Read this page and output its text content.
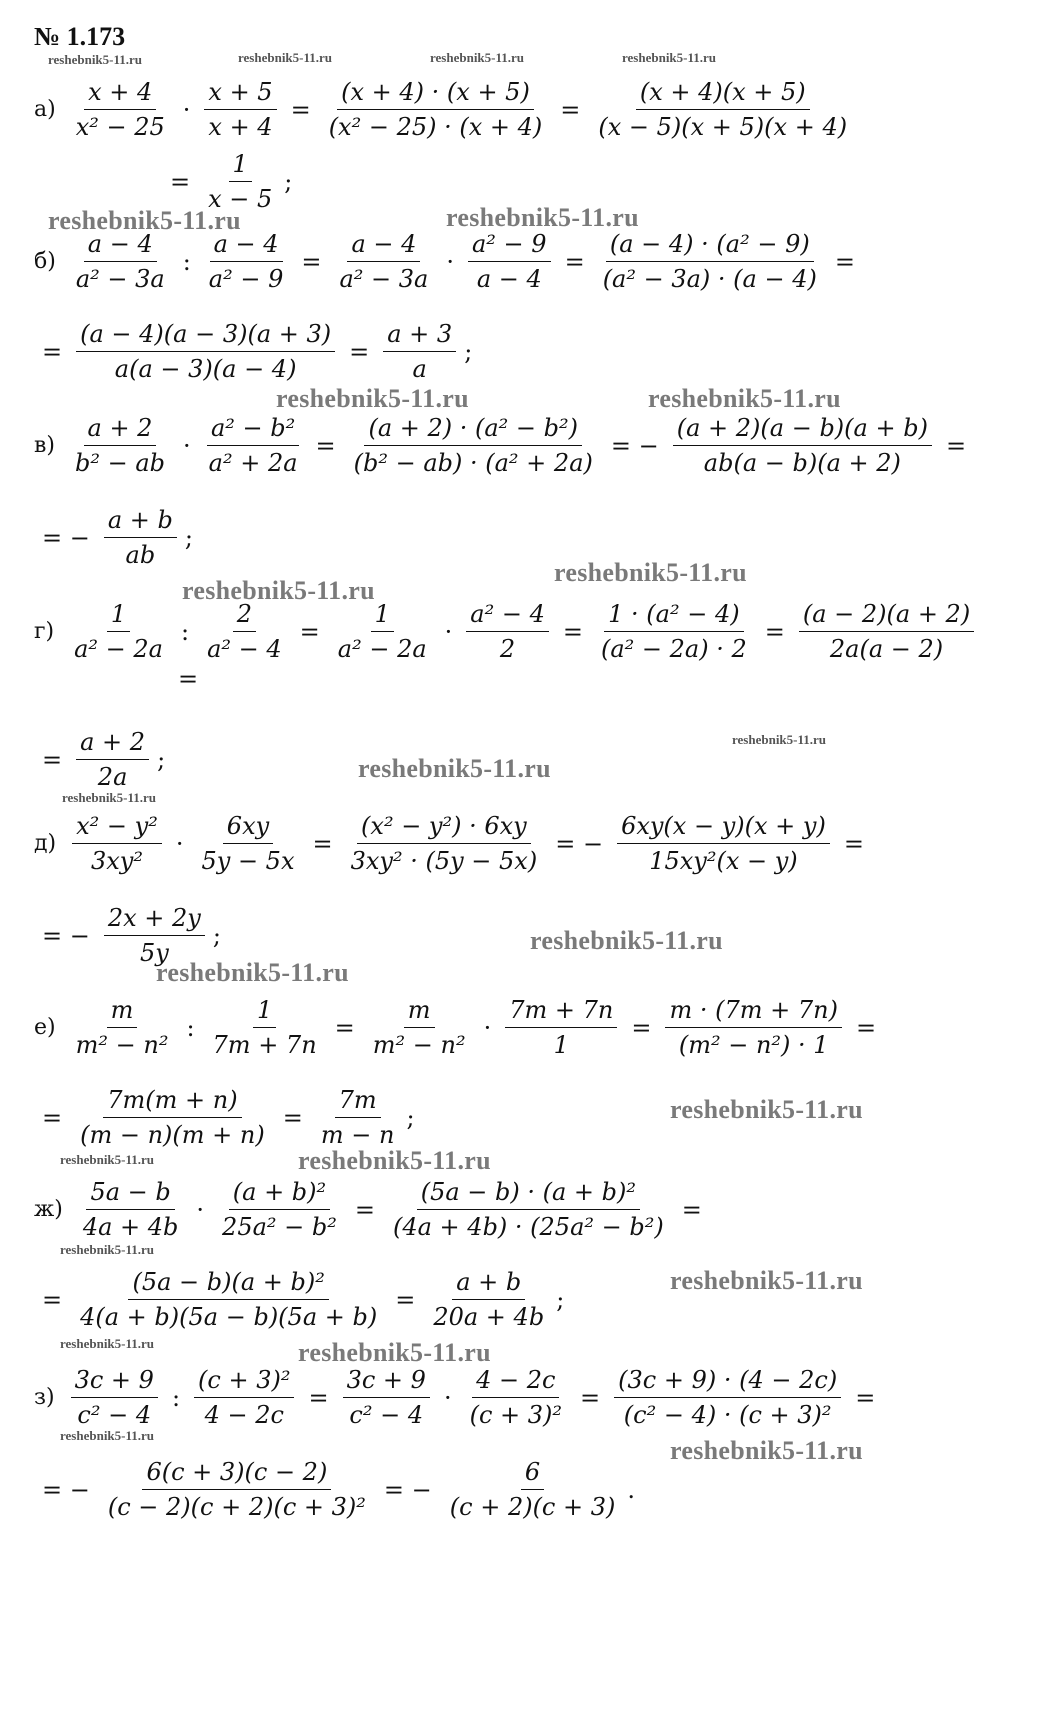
№ 1.173
reshebnik5-11.ru	reshebnik5-11.ru	reshebnik5-11.ru	reshebnik5-11.ru
reshebnik5-11.ru	reshebnik5-11.ru
reshebnik5-11.ru	reshebnik5-11.ru
reshebnik5-11.ru
reshebnik5-11.ru
reshebnik5-11.ru
reshebnik5-11.ru
reshebnik5-11.ru
reshebnik5-11.ru
reshebnik5-11.ru
reshebnik5-11.ru
reshebnik5-11.ru	reshebnik5-11.ru
reshebnik5-11.ru
reshebnik5-11.ru
reshebnik5-11.ru	reshebnik5-11.ru
reshebnik5-11.ru
reshebnik5-11.ru
$а) \frac{x + 4}{\text{x² − 25}} \cdot \frac{x + 5}{x + 4} = \frac{(x + 4) \cdot (x + 5)}{\text{(x² − 25) · (x + 4)}} = \frac{(x + 4)(x + 5)}{(x - 5)(x + 5)(x + 4)}$
= $\frac{1}{x - 5}$ ;
$б) \frac{a - 4}{\text{a² − 3a}}$ : $\frac{a - 4}{\text{a² − 9}} = \frac{a - 4}{\text{a² − 3a}} \cdot \frac{\text{a² − 9}}{a - 4} = \frac{\text{(a − 4) · (a² − 9)}}{\text{(a² − 3a) · (a − 4)}}$ =
= $\frac{(a - 4)(a - 3)(a + 3)}{a(a - 3)(a - 4)} = \frac{a + 3}{a}$ ;
$в) \frac{a + 2}{\text{b² − ab}} \cdot \frac{\text{a² − b²}}{\text{a² + 2a}} = \frac{\text{(a + 2) · (a² − b²)}}{\text{(b² − ab) · (a² + 2a)}}$ = − $\frac{(a + 2)(a - b)(a + b)}{ab(a - b)(a + 2)}$ =
= − $\frac{a + b}{ab}$ ;
$г) \frac{1}{\text{a² − 2a}}$ : $\frac{2}{\text{a² − 4}} = \frac{1}{\text{a² − 2a}} \cdot \frac{\text{a² − 4}}{2} = \frac{\text{1 · (a² − 4)}}{\text{(a² − 2a) · 2}} = \frac{(a - 2)(a + 2)}{2a(a - 2)}$
=
= $\frac{a + 2}{2a}$ ;
$д) \frac{\text{x² − y²}}{\text{3xy²}} \cdot \frac{6xy}{5y - 5x} = \frac{\text{(x² − y²) · 6xy}}{\text{3xy² · (5y − 5x)}}$ = − $\frac{6xy(x - y)(x + y)}{\text{15xy²(x − y)}}$ =
= − $\frac{2x + 2y}{5y}$ ;
$е) \frac{m}{\text{m² − n²}}$ : $\frac{1}{7m + 7n} = \frac{m}{\text{m² − n²}} \cdot \frac{7m + 7n}{1} = \frac{m \cdot (7m + 7n)}{\text{(m² − n²) · 1}}$ =
= $\frac{7m(m + n)}{(m - n)(m + n)} = \frac{7m}{m - n}$ ;
$ж) \frac{5a - b}{4a + 4b} \cdot \frac{\text{(a + b)²}}{\text{25a² − b²}} = \frac{\text{(5a − b) · (a + b)²}}{\text{(4a + 4b) · (25a² − b²)}}$ =
= $\frac{\text{(5a − b)(a + b)²}}{4(a + b)(5a - b)(5a + b)} = \frac{a + b}{20a + 4b}$ ;
$з) \frac{3c + 9}{\text{c² − 4}}$ : $\frac{\text{(c + 3)²}}{4 - 2c} = \frac{3c + 9}{\text{c² − 4}} \cdot \frac{4 - 2c}{\text{(c + 3)²}} = \frac{(3c + 9) \cdot (4 - 2c)}{\text{(c² − 4) · (c + 3)²}}$ =
= − $\frac{6(c + 3)(c - 2)}{\text{(c − 2)(c + 2)(c + 3)²}}$ = − $\frac{6}{(c + 2)(c + 3)}$ .
